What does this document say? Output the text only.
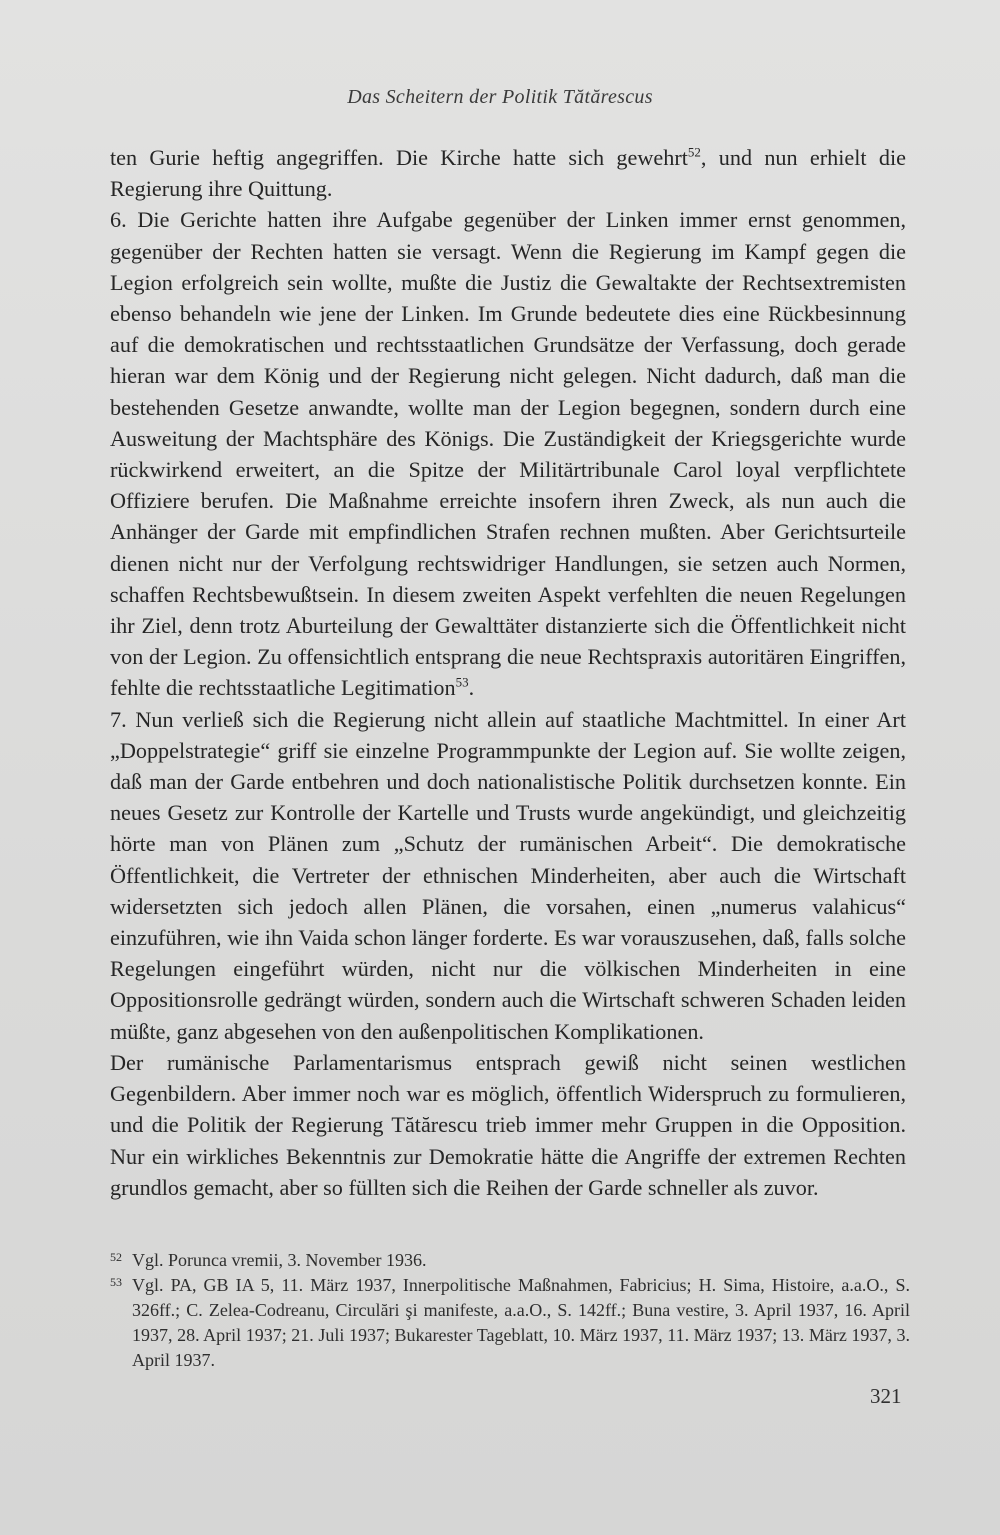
Das Scheitern der Politik Tătărescus

ten Gurie heftig angegriffen. Die Kirche hatte sich gewehrt$^{52}$, und nun erhielt die Regierung ihre Quittung.

6. Die Gerichte hatten ihre Aufgabe gegenüber der Linken immer ernst genommen, gegenüber der Rechten hatten sie versagt. Wenn die Regierung im Kampf gegen die Legion erfolgreich sein wollte, mußte die Justiz die Gewaltakte der Rechtsextremisten ebenso behandeln wie jene der Linken. Im Grunde bedeutete dies eine Rückbesinnung auf die demokratischen und rechtsstaatlichen Grundsätze der Verfassung, doch gerade hieran war dem König und der Regierung nicht gelegen. Nicht dadurch, daß man die bestehenden Gesetze anwandte, wollte man der Legion begegnen, sondern durch eine Ausweitung der Machtsphäre des Königs. Die Zuständigkeit der Kriegsgerichte wurde rückwirkend erweitert, an die Spitze der Militärtribunale Carol loyal verpflichtete Offiziere berufen. Die Maßnahme erreichte insofern ihren Zweck, als nun auch die Anhänger der Garde mit empfindlichen Strafen rechnen mußten. Aber Gerichtsurteile dienen nicht nur der Verfolgung rechtswidriger Handlungen, sie setzen auch Normen, schaffen Rechtsbewußtsein. In diesem zweiten Aspekt verfehlten die neuen Regelungen ihr Ziel, denn trotz Aburteilung der Gewalttäter distanzierte sich die Öffentlichkeit nicht von der Legion. Zu offensichtlich entsprang die neue Rechtspraxis autoritären Eingriffen, fehlte die rechtsstaatliche Legitimation$^{53}$.

7. Nun verließ sich die Regierung nicht allein auf staatliche Machtmittel. In einer Art „Doppelstrategie“ griff sie einzelne Programmpunkte der Legion auf. Sie wollte zeigen, daß man der Garde entbehren und doch nationalistische Politik durchsetzen konnte. Ein neues Gesetz zur Kontrolle der Kartelle und Trusts wurde angekündigt, und gleichzeitig hörte man von Plänen zum „Schutz der rumänischen Arbeit“. Die demokratische Öffentlichkeit, die Vertreter der ethnischen Minderheiten, aber auch die Wirtschaft widersetzten sich jedoch allen Plänen, die vorsahen, einen „numerus valahicus“ einzuführen, wie ihn Vaida schon länger forderte. Es war vorauszusehen, daß, falls solche Regelungen eingeführt würden, nicht nur die völkischen Minderheiten in eine Oppositionsrolle gedrängt würden, sondern auch die Wirtschaft schweren Schaden leiden müßte, ganz abgesehen von den außenpolitischen Komplikationen.

Der rumänische Parlamentarismus entsprach gewiß nicht seinen westlichen Gegenbildern. Aber immer noch war es möglich, öffentlich Widerspruch zu formulieren, und die Politik der Regierung Tătărescu trieb immer mehr Gruppen in die Opposition. Nur ein wirkliches Bekenntnis zur Demokratie hätte die Angriffe der extremen Rechten grundlos gemacht, aber so füllten sich die Reihen der Garde schneller als zuvor.

52 Vgl. Poruncа vremii, 3. November 1936.

53 Vgl. PA, GB IA 5, 11. März 1937, Innerpolitische Maßnahmen, Fabricius; H. Sima, Histoire, a.a.O., S. 326ff.; C. Zelea-Codreanu, Circulări şi manifeste, a.a.O., S. 142ff.; Buna vestire, 3. April 1937, 16. April 1937, 28. April 1937; 21. Juli 1937; Bukarester Tageblatt, 10. März 1937, 11. März 1937; 13. März 1937, 3. April 1937.

321
